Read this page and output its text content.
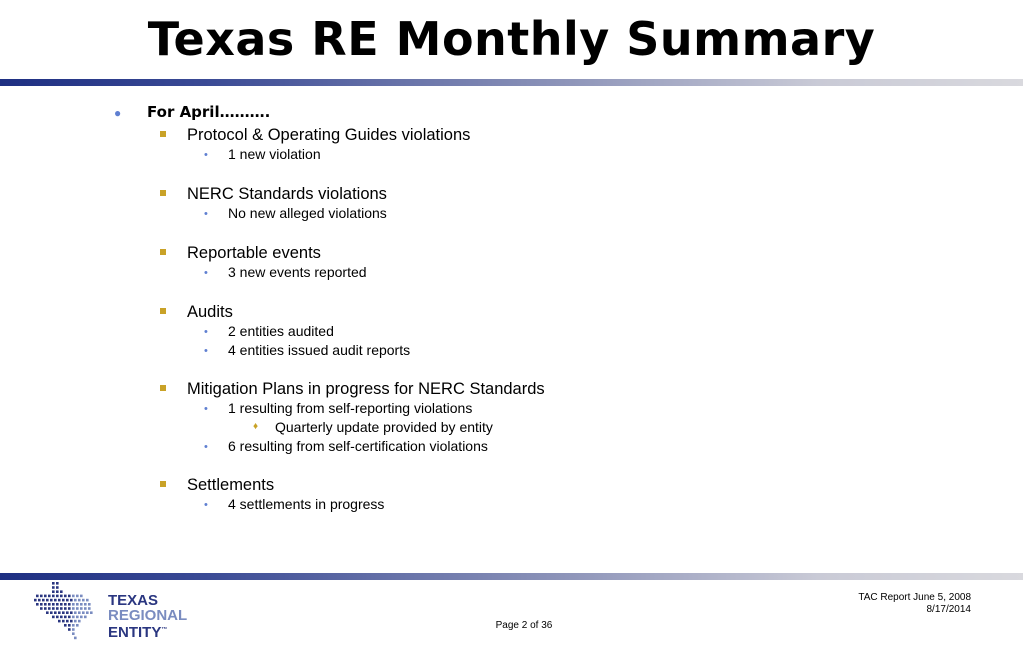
Texas RE Monthly Summary
● For April……….
Protocol & Operating Guides violations
• 1 new violation
NERC Standards violations
• No new alleged violations
Reportable events
• 3 new events reported
Audits
• 2 entities audited
• 4 entities issued audit reports
Mitigation Plans in progress for NERC Standards
• 1 resulting from self-reporting violations
♦ Quarterly update provided by entity
• 6 resulting from self-certification violations
Settlements
• 4 settlements in progress
TEXAS
REGIONAL
ENTITY™	Page 2 of 36
TAC Report June 5, 2008
8/17/2014
